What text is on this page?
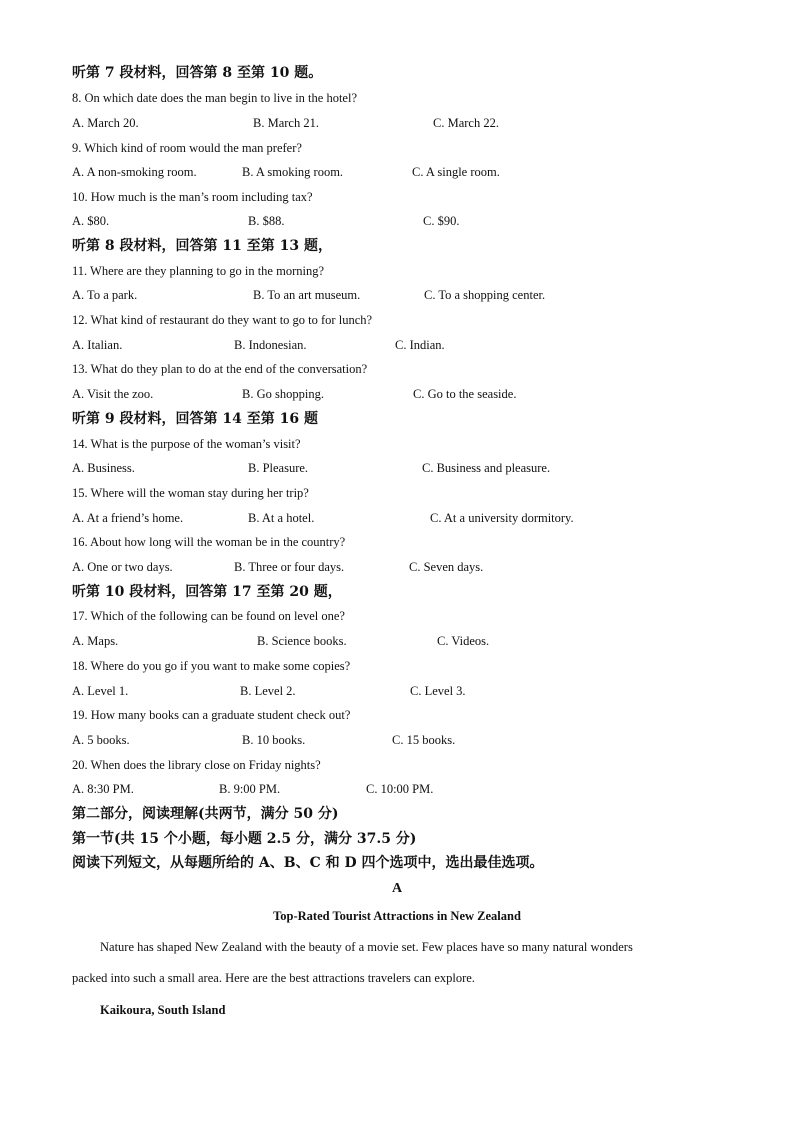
听第 7 段材料，回答第 8 至第 10 题。
8. On which date does the man begin to live in the hotel?
A. March 20.	B. March 21.	C. March 22.
9. Which kind of room would the man prefer?
A. A non-smoking room.	B. A smoking room.	C. A single room.
10. How much is the man’s room including tax?
A. $80.	B. $88.	C. $90.
听第 8 段材料，回答第 11 至第 13 题，
11. Where are they planning to go in the morning?
A. To a park.	B. To an art museum.	C. To a shopping center.
12. What kind of restaurant do they want to go to for lunch?
A. Italian.	B. Indonesian.	C. Indian.
13. What do they plan to do at the end of the conversation?
A. Visit the zoo.	B. Go shopping.	C. Go to the seaside.
听第 9 段材料，回答第 14 至第 16 题
14. What is the purpose of the woman’s visit?
A. Business.	B. Pleasure.	C. Business and pleasure.
15. Where will the woman stay during her trip?
A. At a friend’s home.	B. At a hotel.	C. At a university dormitory.
16. About how long will the woman be in the country?
A. One or two days.	B. Three or four days.	C. Seven days.
听第 10 段材料，回答第 17 至第 20 题，
17. Which of the following can be found on level one?
A. Maps.	B. Science books.	C. Videos.
18. Where do you go if you want to make some copies?
A. Level 1.	B. Level 2.	C. Level 3.
19. How many books can a graduate student check out?
A. 5 books.	B. 10 books.	C. 15 books.
20. When does the library close on Friday nights?
A. 8:30 PM.	B. 9:00 PM.	C. 10:00 PM.
第二部分，阅读理解(共两节，满分 50 分)
第一节(共 15 个小题，每小题 2.5 分，满分 37.5 分)
阅读下列短文，从每题所给的 A、B、C 和 D 四个选项中，选出最佳选项。
A
Top-Rated Tourist Attractions in New Zealand
Nature has shaped New Zealand with the beauty of a movie set. Few places have so many natural wonders
packed into such a small area. Here are the best attractions travelers can explore.
Kaikoura, South Island
